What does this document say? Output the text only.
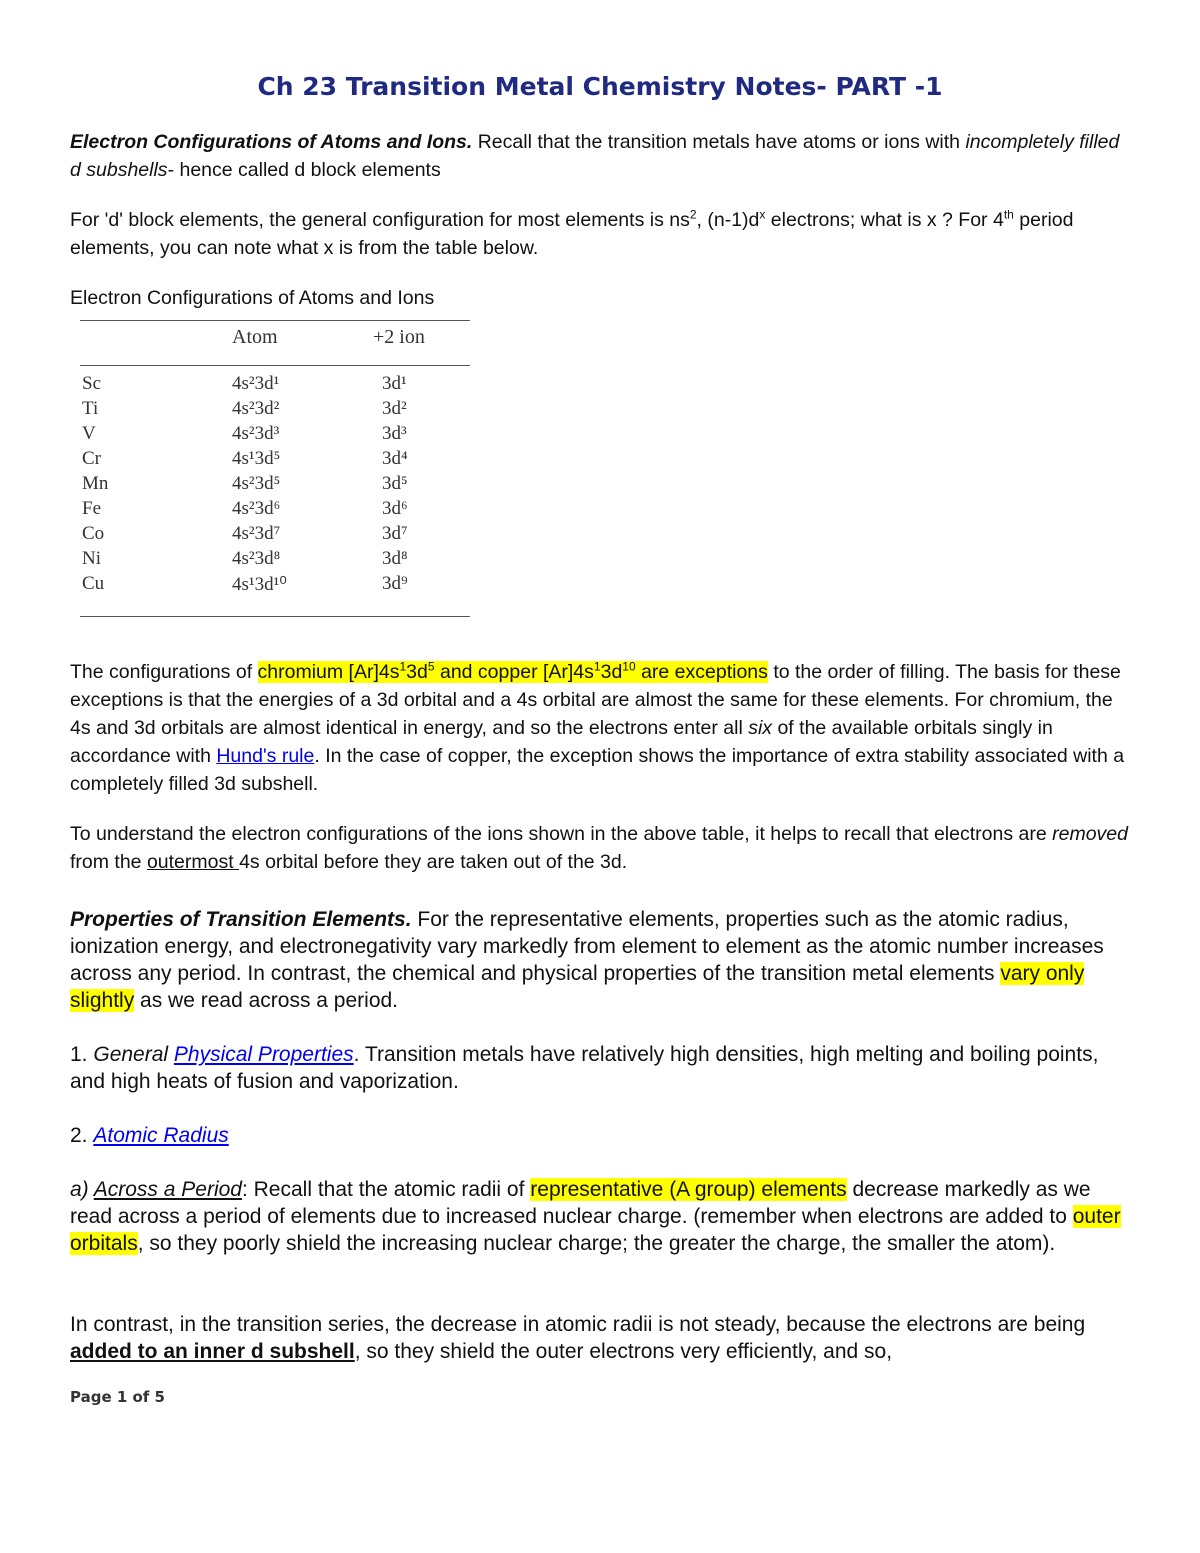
Ch 23 Transition Metal Chemistry Notes- PART -1

Electron Configurations of Atoms and Ions. Recall that the transition metals have atoms or ions with incompletely filled d subshells- hence called d block elements

For 'd' block elements, the general configuration for most elements is $ns^2$, $(n-1)d^x$ electrons; what is x ? For 4th period elements, you can note what x is from the table below.

Electron Configurations of Atoms and Ions

Atom	+2 ion
Sc	4s²3d¹	3d¹
Ti	4s²3d²	3d²
V	4s²3d³	3d³
Cr	4s¹3d⁵	3d⁴
Mn	4s²3d⁵	3d⁵
Fe	4s²3d⁶	3d⁶
Co	4s²3d⁷	3d⁷
Ni	4s²3d⁸	3d⁸
Cu	4s¹3d¹⁰	3d⁹

The configurations of chromium $[Ar]4s^13d^5$ and copper $[Ar]4s^13d^{10}$ are exceptions to the order of filling. The basis for these exceptions is that the energies of a 3d orbital and a 4s orbital are almost the same for these elements. For chromium, the 4s and 3d orbitals are almost identical in energy, and so the electrons enter all six of the available orbitals singly in accordance with Hund's rule. In the case of copper, the exception shows the importance of extra stability associated with a completely filled 3d subshell.

To understand the electron configurations of the ions shown in the above table, it helps to recall that electrons are removed from the outermost 4s orbital before they are taken out of the 3d.

Properties of Transition Elements. For the representative elements, properties such as the atomic radius, ionization energy, and electronegativity vary markedly from element to element as the atomic number increases across any period. In contrast, the chemical and physical properties of the transition metal elements vary only slightly as we read across a period.

1. General Physical Properties. Transition metals have relatively high densities, high melting and boiling points, and high heats of fusion and vaporization.

2. Atomic Radius

a) Across a Period: Recall that the atomic radii of representative (A group) elements decrease markedly as we read across a period of elements due to increased nuclear charge. (remember when electrons are added to outer orbitals, so they poorly shield the increasing nuclear charge; the greater the charge, the smaller the atom).

In contrast, in the transition series, the decrease in atomic radii is not steady, because the electrons are being added to an inner d subshell, so they shield the outer electrons very efficiently, and so,

Page 1 of 5
